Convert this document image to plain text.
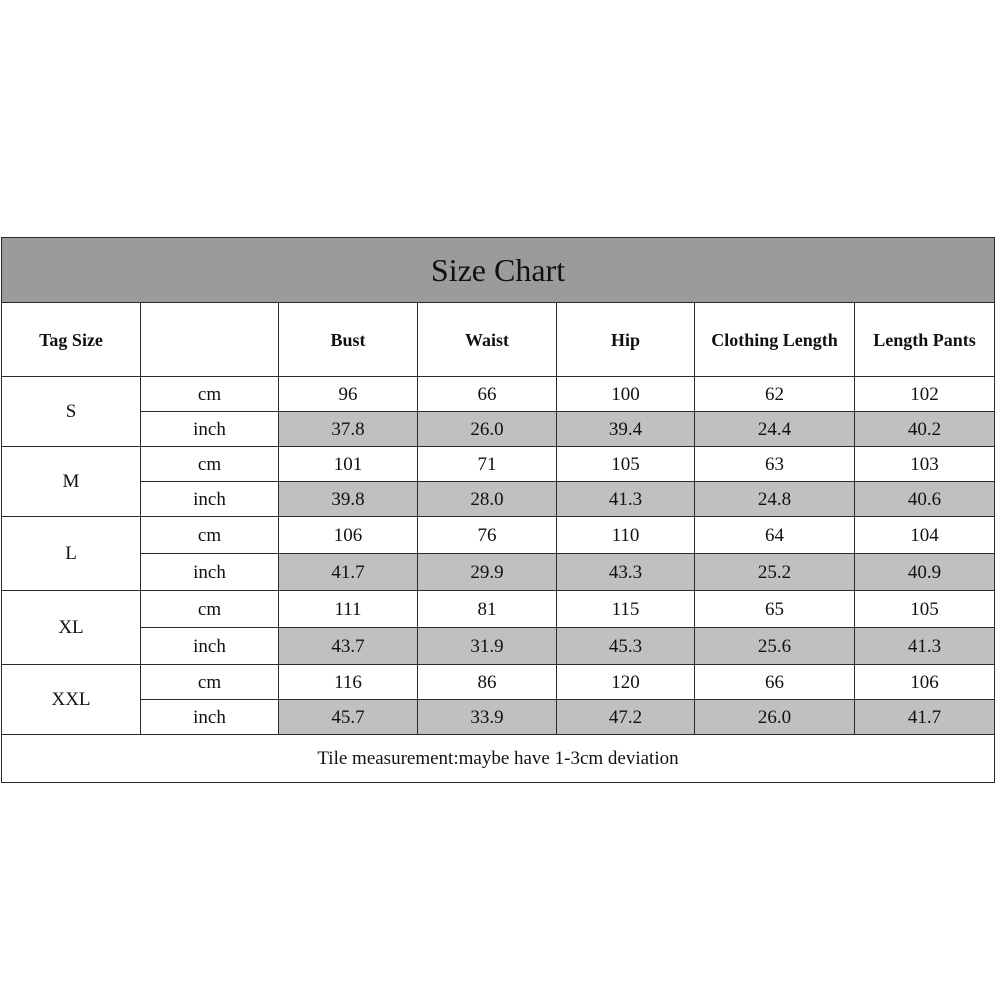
Size Chart						
Tag Size		Bust	Waist	Hip	Clothing Length	Length Pants
S	cm	96	66	100	62	102
	inch	37.8	26.0	39.4	24.4	40.2
M	cm	101	71	105	63	103
	inch	39.8	28.0	41.3	24.8	40.6
L	cm	106	76	110	64	104
	inch	41.7	29.9	43.3	25.2	40.9
XL	cm	111	81	115	65	105
	inch	43.7	31.9	45.3	25.6	41.3
XXL	cm	116	86	120	66	106
	inch	45.7	33.9	47.2	26.0	41.7
Tile measurement:maybe have 1-3cm deviation						
